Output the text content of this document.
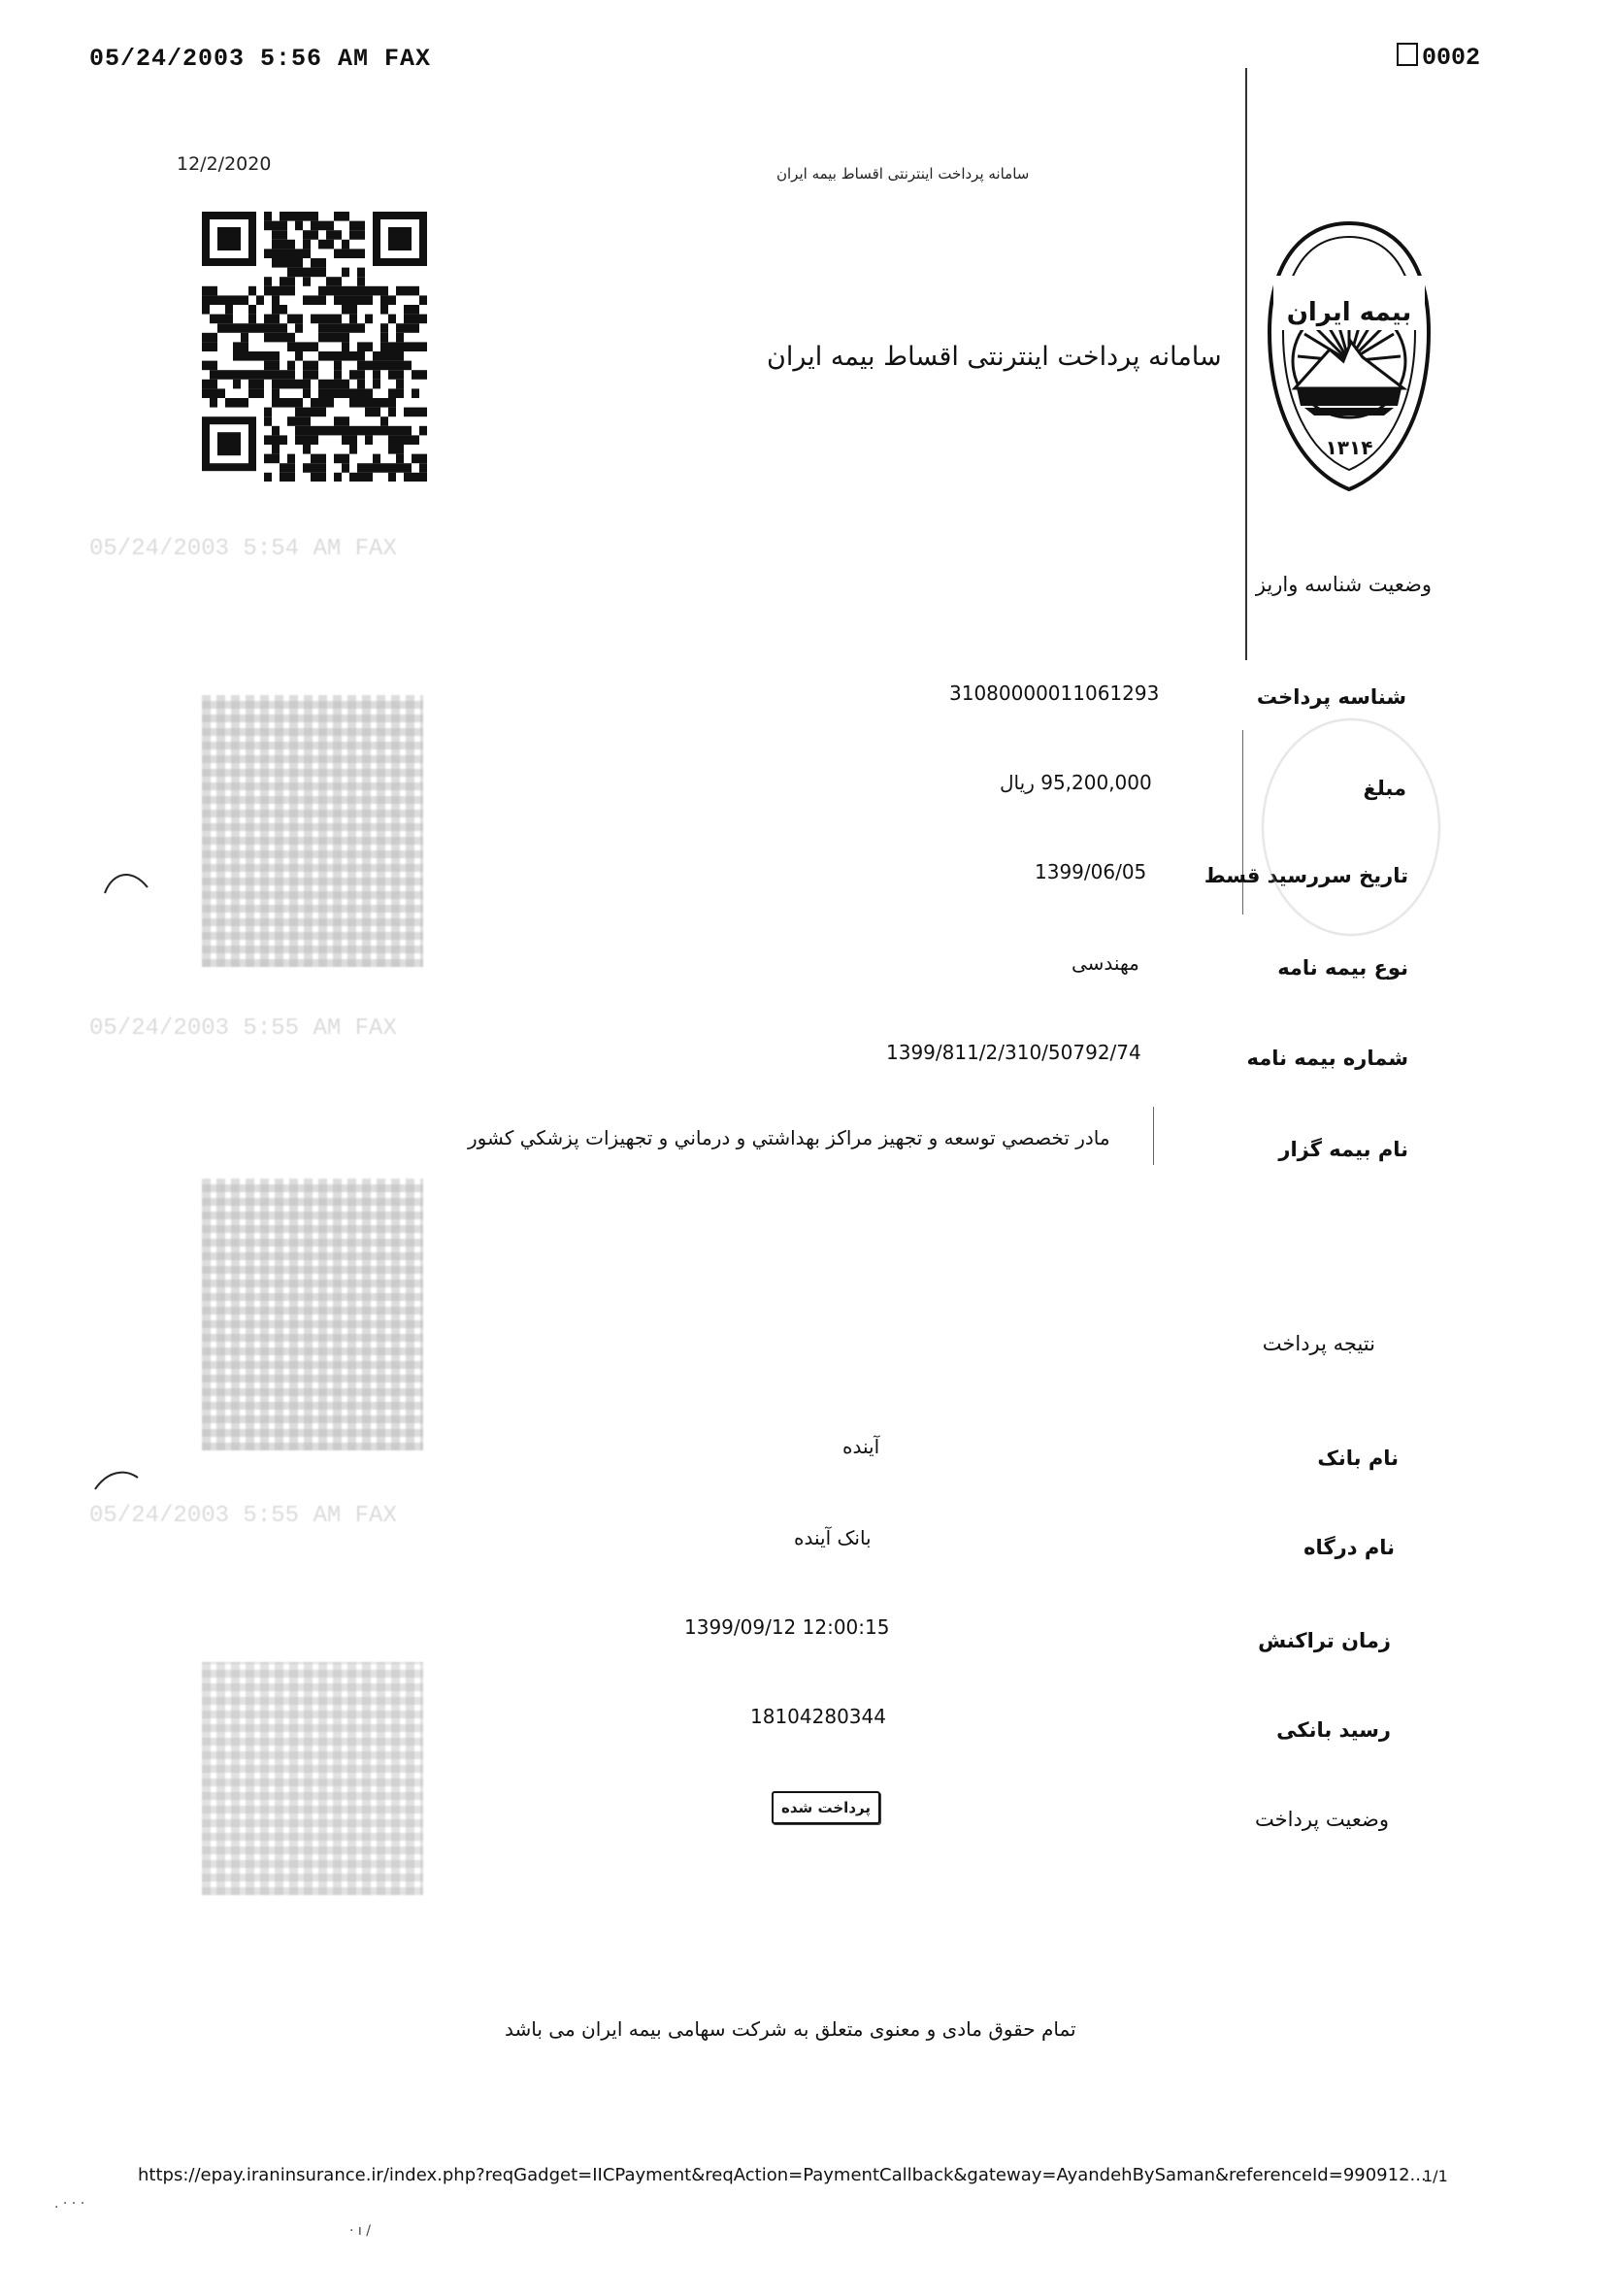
05/24/2003 5:56 AM FAX	0002
12/2/2020	سامانه پرداخت اینترنتی اقساط بیمه ایران
سامانه پرداخت اینترنتی اقساط بیمه ایران
بیمه ایران
۱۳۱۴
وضعیت شناسه واریز
شناسه پرداخت
31080000011061293
مبلغ
95,200,000 ریال
تاریخ سررسید قسط
1399/06/05
نوع بیمه نامه
مهندسی
شماره بیمه نامه
1399/811/2/310/50792/74
نام بیمه گزار
مادر تخصصي توسعه و تجهيز مراكز بهداشتي و درماني و تجهيزات پزشكي كشور
نتیجه پرداخت
نام بانک
آینده
نام درگاه
بانک آینده
زمان تراکنش
1399/09/12 12:00:15
رسید بانکی
18104280344
وضعیت پرداخت
پرداخت شده
تمام حقوق مادی و معنوی متعلق به شرکت سهامی بیمه ایران می باشد
https://epay.iraninsurance.ir/index.php?reqGadget=IICPayment&reqAction=PaymentCallback&gateway=AyandehBySaman&referenceId=990912...
1/1
05/24/2003 5:54 AM FAX
05/24/2003 5:55 AM FAX
05/24/2003 5:55 AM FAX
. · · ·
· ı /
